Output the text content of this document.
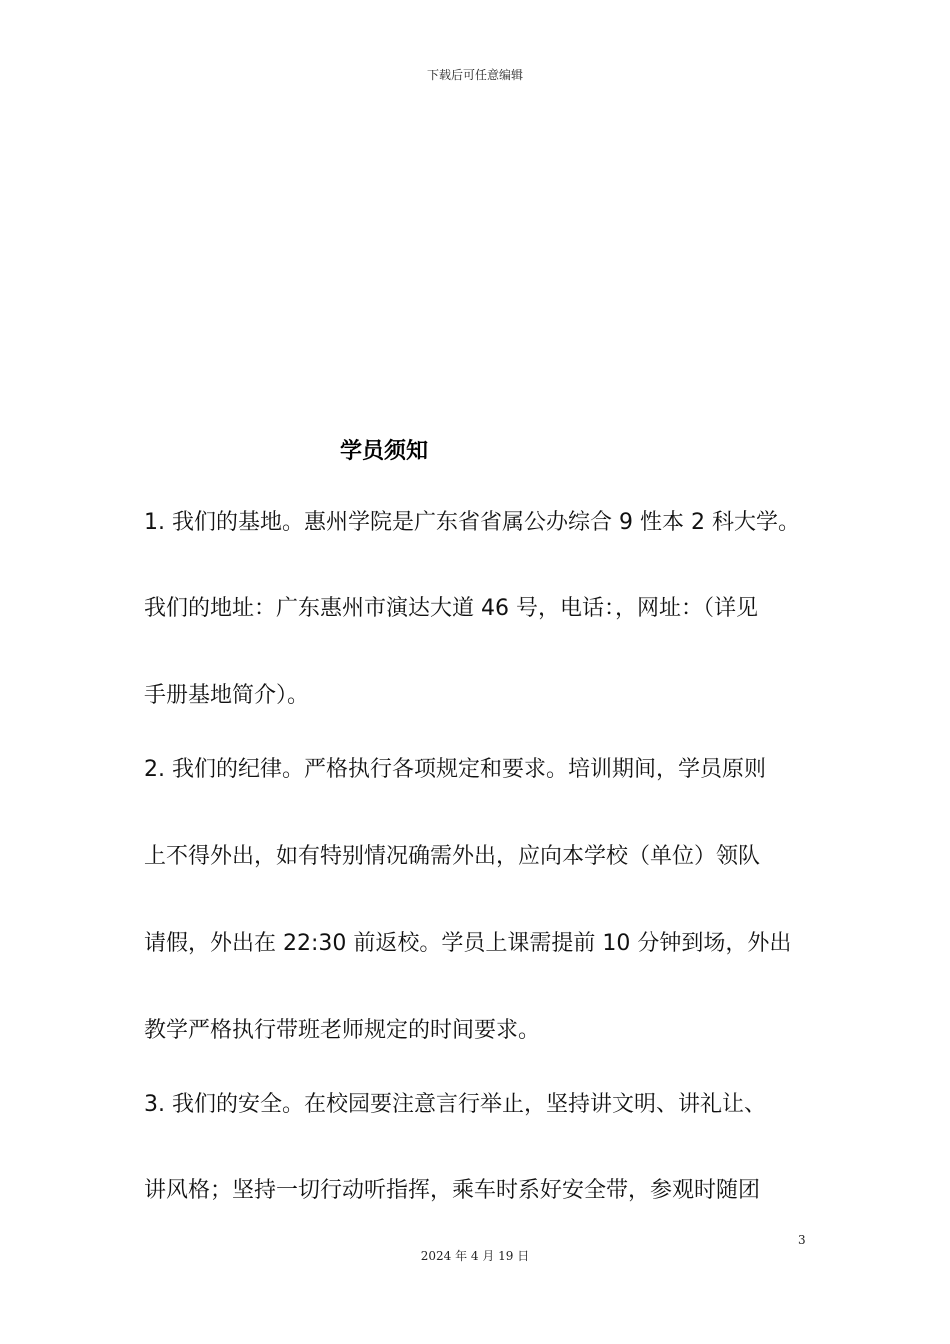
下载后可任意编辑
学员须知
1. 我们的基地。惠州学院是广东省省属公办综合 9 性本 2 科大学。
我们的地址：广东惠州市演达大道 46 号，电话：，网址：（详见
手册基地简介）。
2. 我们的纪律。严格执行各项规定和要求。培训期间，学员原则
上不得外出，如有特别情况确需外出，应向本学校（单位）领队
请假，外出在 22:30 前返校。学员上课需提前 10 分钟到场，外出
教学严格执行带班老师规定的时间要求。
3. 我们的安全。在校园要注意言行举止，坚持讲文明、讲礼让、
讲风格；坚持一切行动听指挥，乘车时系好安全带，参观时随团
3
2024 年 4 月 19 日
